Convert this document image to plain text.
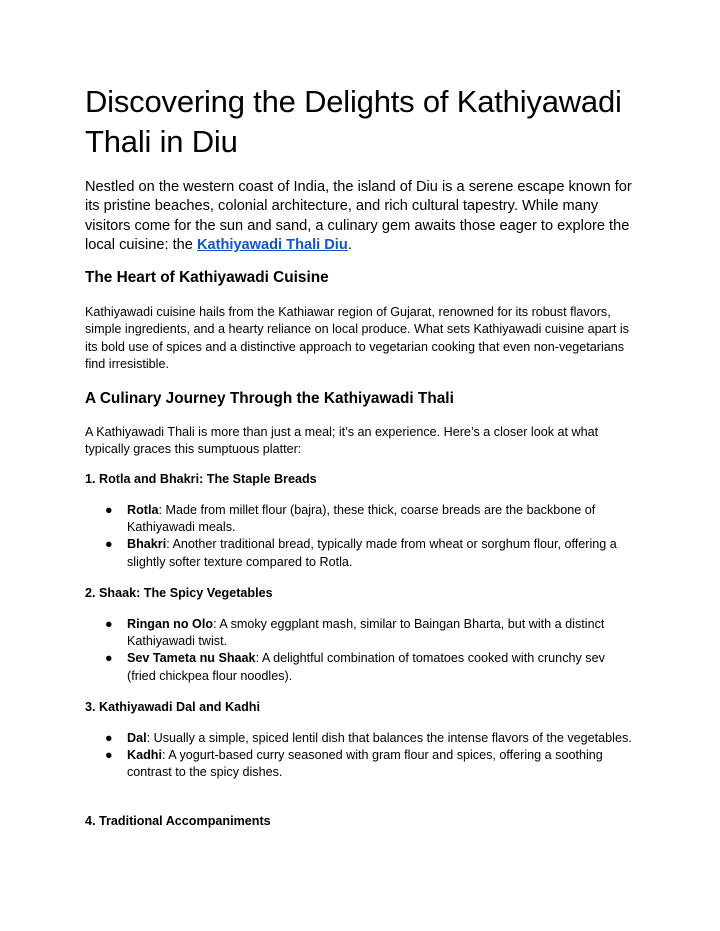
Discovering the Delights of Kathiyawadi Thali in Diu

Nestled on the western coast of India, the island of Diu is a serene escape known for its pristine beaches, colonial architecture, and rich cultural tapestry. While many visitors come for the sun and sand, a culinary gem awaits those eager to explore the local cuisine: the Kathiyawadi Thali Diu.

The Heart of Kathiyawadi Cuisine

Kathiyawadi cuisine hails from the Kathiawar region of Gujarat, renowned for its robust flavors, simple ingredients, and a hearty reliance on local produce. What sets Kathiyawadi cuisine apart is its bold use of spices and a distinctive approach to vegetarian cooking that even non-vegetarians find irresistible.

A Culinary Journey Through the Kathiyawadi Thali

A Kathiyawadi Thali is more than just a meal; it’s an experience. Here’s a closer look at what typically graces this sumptuous platter:

1. Rotla and Bhakri: The Staple Breads
● Rotla: Made from millet flour (bajra), these thick, coarse breads are the backbone of Kathiyawadi meals.
● Bhakri: Another traditional bread, typically made from wheat or sorghum flour, offering a slightly softer texture compared to Rotla.
2. Shaak: The Spicy Vegetables
● Ringan no Olo: A smoky eggplant mash, similar to Baingan Bharta, but with a distinct Kathiyawadi twist.
● Sev Tameta nu Shaak: A delightful combination of tomatoes cooked with crunchy sev (fried chickpea flour noodles).
3. Kathiyawadi Dal and Kadhi
● Dal: Usually a simple, spiced lentil dish that balances the intense flavors of the vegetables.
● Kadhi: A yogurt-based curry seasoned with gram flour and spices, offering a soothing contrast to the spicy dishes.
4. Traditional Accompaniments
